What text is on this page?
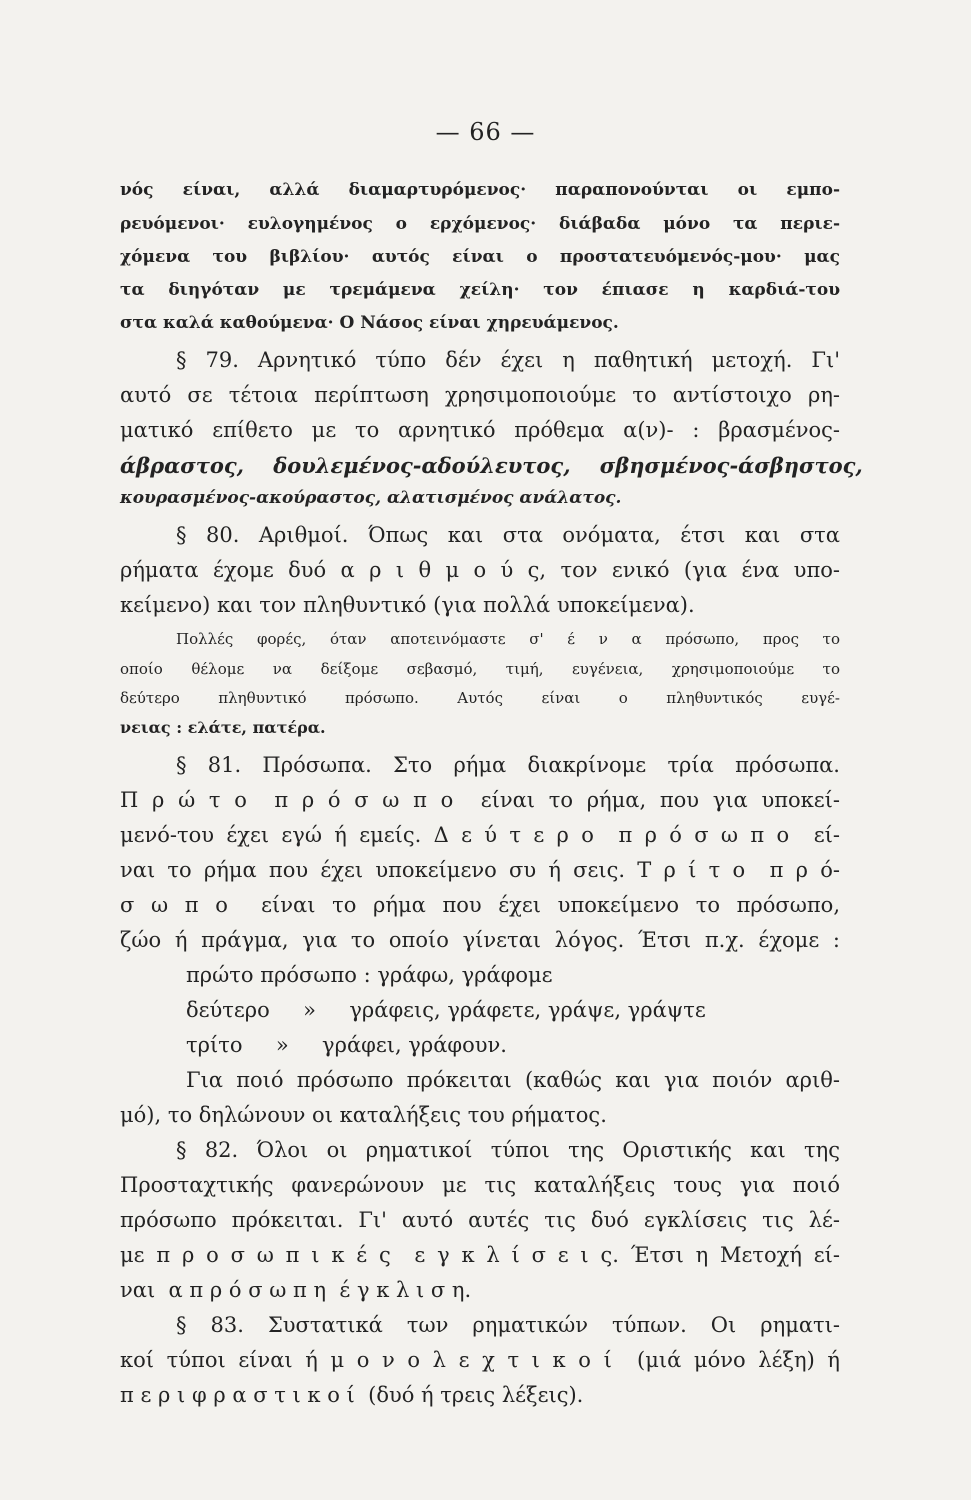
— 66 —
νός είναι, αλλά διαμαρτυρόμενος· παραπονούνται οι εμπο-
ρευόμενοι· ευλογημένος ο ερχόμενος· διάβαδα μόνο τα περιε-
χόμενα του βιβλίου· αυτός είναι ο προστατευόμενός-μου· μας
τα διηγόταν με τρεμάμενα χείλη· τον έπιασε η καρδιά-του
στα καλά καθούμενα· Ο Νάσος είναι χηρευάμενος.
§ 79. Αρνητικό τύπο δέν έχει η παθητική μετοχή. Γι'
αυτό σε τέτοια περίπτωση χρησιμοποιούμε το αντίστοιχο ρη-
ματικό επίθετο με το αρνητικό πρόθεμα α(ν)- : βρασμένος-
άβραστος,    δουλεμένος-αδούλευτος,    σβησμένος-άσβηστος,
κουρασμένος-ακούραστος, αλατισμένος ανάλατος.
§ 80. Αριθμοί. Όπως και στα ονόματα, έτσι και στα
ρήματα έχομε δυό α ρ ι θ μ ο ύ ς, τον ενικό (για ένα υπο-
κείμενο) και τον πληθυντικό (για πολλά υποκείμενα).
Πολλές φορές, όταν αποτεινόμαστε σ' έ ν α πρόσωπο, προς το
οποίο θέλομε να δείξομε σεβασμό, τιμή, ευγένεια, χρησιμοποιούμε το
δεύτερο πληθυντικό πρόσωπο. Αυτός είναι ο πληθυντικός ευγέ-
νειας : ελάτε, πατέρα.
§ 81. Πρόσωπα. Στο ρήμα διακρίνομε τρία πρόσωπα.
Π ρ ώ τ ο  π ρ ό σ ω π ο  είναι το ρήμα, που για υποκεί-
μενό-του έχει εγώ ή εμείς. Δ ε ύ τ ε ρ ο  π ρ ό σ ω π ο  εί-
ναι το ρήμα που έχει υποκείμενο συ ή σεις. Τ ρ ί τ ο  π ρ ό-
σ ω π ο  είναι το ρήμα που έχει υποκείμενο το πρόσωπο,
ζώο ή πράγμα, για το οποίο γίνεται λόγος. Έτσι π.χ. έχομε :
πρώτο πρόσωπο : γράφω, γράφομε
δεύτερο     »     γράφεις, γράφετε, γράψε, γράψτε
τρίτο     »     γράφει, γράφουν.
Για ποιό πρόσωπο πρόκειται (καθώς και για ποιόν αριθ-
μό), το δηλώνουν οι καταλήξεις του ρήματος.
§ 82. Όλοι οι ρηματικοί τύποι της Οριστικής και της
Προσταχτικής φανερώνουν με τις καταλήξεις τους για ποιό
πρόσωπο πρόκειται. Γι' αυτό αυτές τις δυό εγκλίσεις τις λέ-
με π ρ ο σ ω π ι κ έ ς  ε γ κ λ ί σ ε ι ς. Έτσι η Μετοχή εί-
ναι  α π ρ ό σ ω π η  έ γ κ λ ι σ η.
§ 83. Συστατικά των ρηματικών τύπων. Οι ρηματι-
κοί τύποι είναι ή μ ο ν ο λ ε χ τ ι κ ο ί  (μιά μόνο λέξη) ή
π ε ρ ι φ ρ α σ τ ι κ ο ί  (δυό ή τρεις λέξεις).
